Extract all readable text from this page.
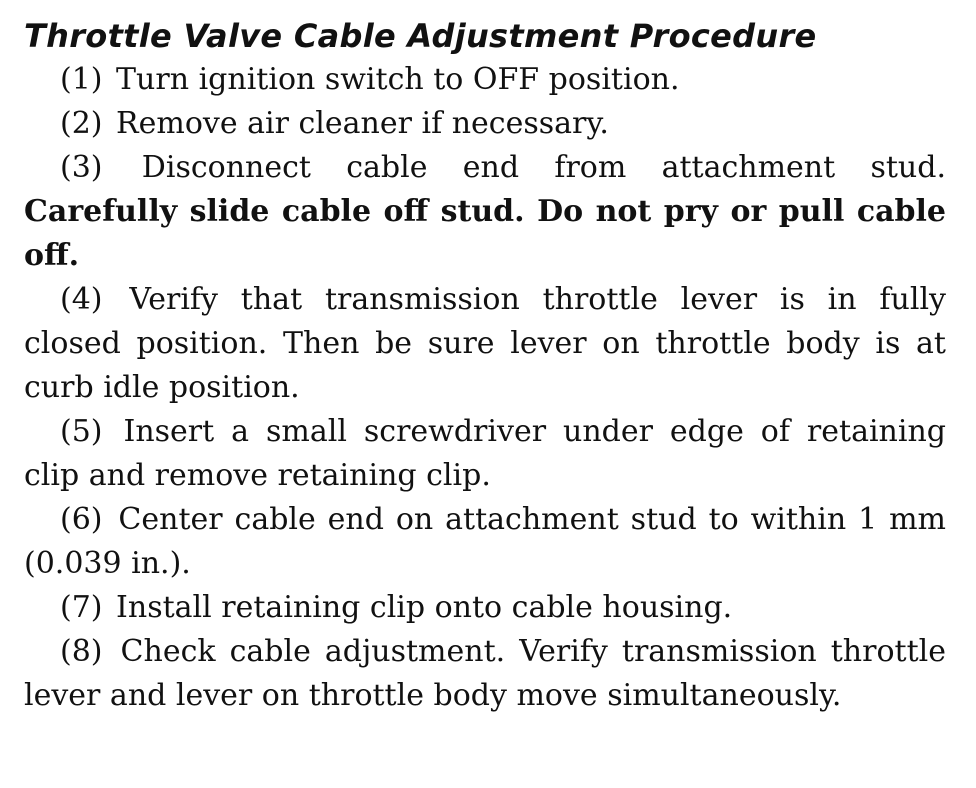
Throttle Valve Cable Adjustment Procedure

(1) Turn ignition switch to OFF position.

(2) Remove air cleaner if necessary.

(3) Disconnect cable end from attachment stud. Carefully slide cable off stud. Do not pry or pull cable off.

(4) Verify that transmission throttle lever is in fully closed position. Then be sure lever on throttle body is at curb idle position.

(5) Insert a small screwdriver under edge of retaining clip and remove retaining clip.

(6) Center cable end on attachment stud to within 1 mm (0.039 in.).

(7) Install retaining clip onto cable housing.

(8) Check cable adjustment. Verify transmission throttle lever and lever on throttle body move simultaneously.
